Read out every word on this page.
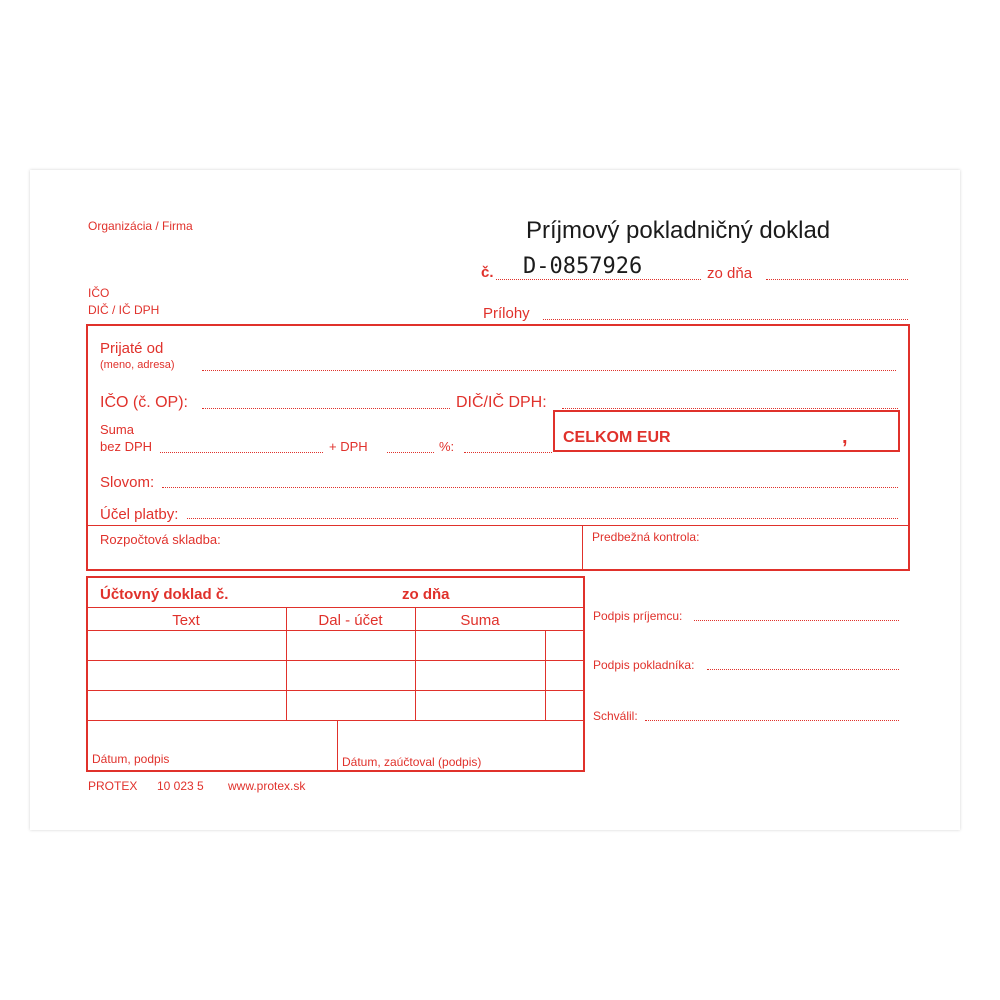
Organizácia / Firma
IČO
DIČ / IČ DPH
Príjmový pokladničný doklad
č. D-0857926	zo dňa
Prílohy
Prijaté od
(meno, adresa)
IČO (č. OP):	DIČ/IČ DPH:
Suma
bez DPH	+ DPH	%:
CELKOM EUR	,
Slovom:
Účel platby:
Rozpočtová skladba:	Predbežná kontrola:
Účtovný doklad č.	zo dňa
Text	Dal - účet	Suma
Dátum, podpis	Dátum, zaúčtoval (podpis)
Podpis príjemcu:
Podpis pokladníka:
Schválil:
PROTEX 10 023 5 www.protex.sk
